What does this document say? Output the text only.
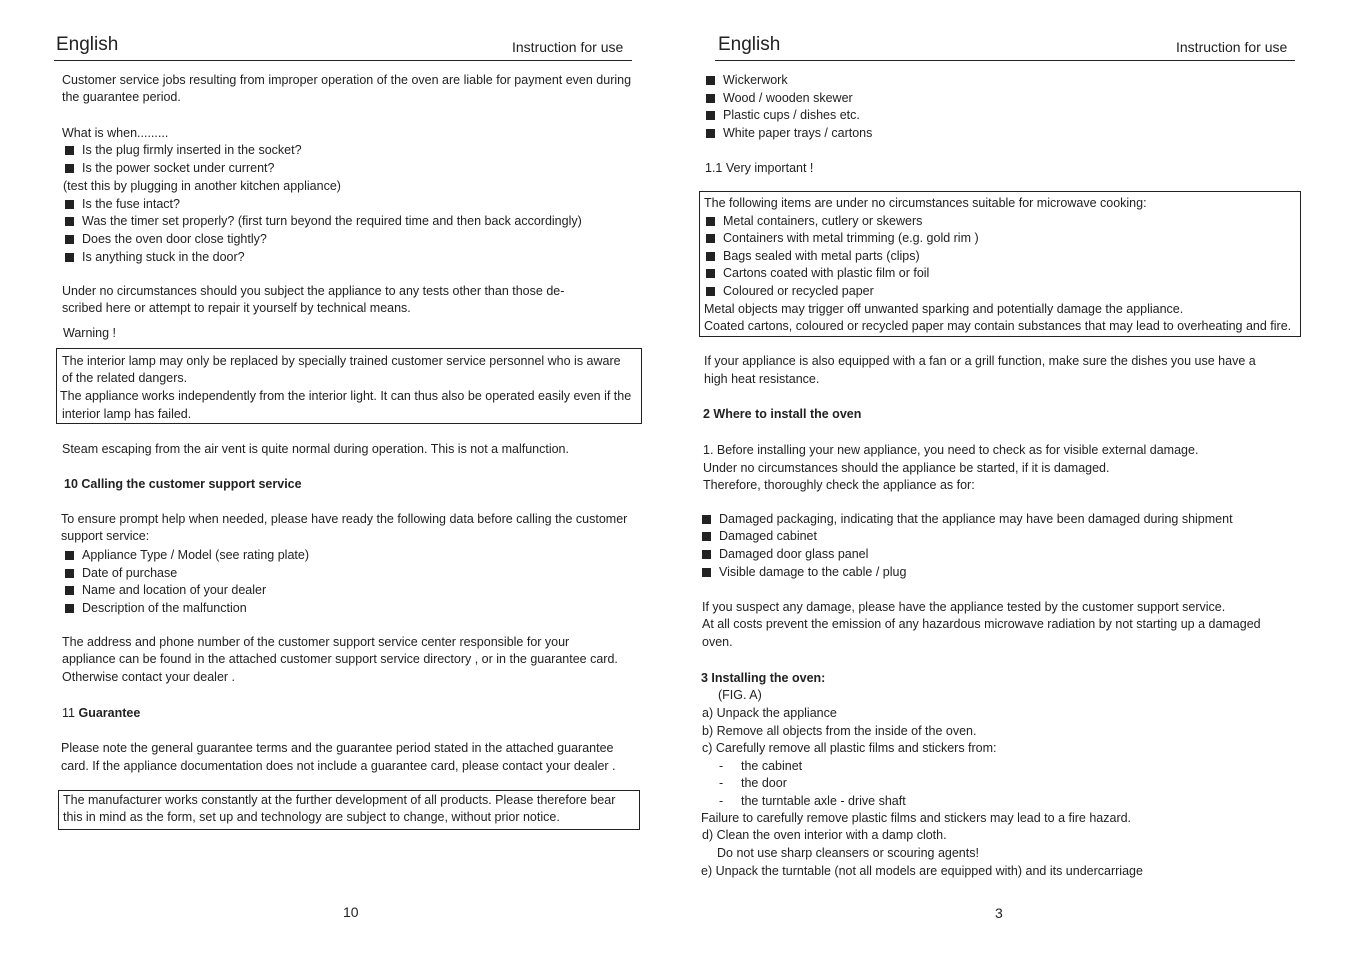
English	Instruction for use
Customer service jobs resulting from improper operation of the oven are liable for payment even during
the guarantee period.
What is when.........
Is the plug firmly inserted in the socket?
Is the power socket under current?
(test this by plugging in another kitchen appliance)
Is the fuse intact?
Was the timer set properly? (first turn beyond the required time and then back accordingly)
Does the oven door close tightly?
Is anything stuck in the door?
Under no circumstances should you subject the appliance to any tests other than those de-
scribed here or attempt to repair it yourself by technical means.
Warning !
The interior lamp may only be replaced by specially trained customer service personnel who is aware
of the related dangers.
The appliance works independently from the interior light. It can thus also be operated easily even if the
interior lamp has failed.
Steam escaping from the air vent is quite normal during operation. This is not a malfunction.
10 Calling the customer support service
To ensure prompt help when needed, please have ready the following data before calling the customer
support service:
Appliance Type / Model (see rating plate)
Date of purchase
Name and location of your dealer
Description of the malfunction
The address and phone number of the customer support service center responsible for your
appliance can be found in the attached customer support service directory , or in the guarantee card.
Otherwise contact your dealer .
11 Guarantee
Please note the general guarantee terms and the guarantee period stated in the attached guarantee
card. If the appliance documentation does not include a guarantee card, please contact your dealer .
The manufacturer works constantly at the further development of all products. Please therefore bear
this in mind as the form, set up and technology are subject to change, without prior notice.
10
English	Instruction for use
Wickerwork
Wood / wooden skewer
Plastic cups / dishes etc.
White paper trays / cartons
1.1 Very important !
The following items are under no circumstances suitable for microwave cooking:
Metal containers, cutlery or skewers
Containers with metal trimming (e.g. gold rim )
Bags sealed with metal parts (clips)
Cartons coated with plastic film or foil
Coloured or recycled paper
Metal objects may trigger off unwanted sparking and potentially damage the appliance.
Coated cartons, coloured or recycled paper may contain substances that may lead to overheating and fire.
If your appliance is also equipped with a fan or a grill function, make sure the dishes you use have a
high heat resistance.
2 Where to install the oven
1. Before installing your new appliance, you need to check as for visible external damage.
Under no circumstances should the appliance be started, if it is damaged.
Therefore, thoroughly check the appliance as for:
Damaged packaging, indicating that the appliance may have been damaged during shipment
Damaged cabinet
Damaged door glass panel
Visible damage to the cable / plug
If you suspect any damage, please have the appliance tested by the customer support service.
At all costs prevent the emission of any hazardous microwave radiation by not starting up a damaged
oven.
3 Installing the oven:
(FIG. A)
a) Unpack the appliance
b) Remove all objects from the inside of the oven.
c) Carefully remove all plastic films and stickers from:
- the cabinet
- the door
- the turntable axle - drive shaft
Failure to carefully remove plastic films and stickers may lead to a fire hazard.
d) Clean the oven interior with a damp cloth.
Do not use sharp cleansers or scouring agents!
e) Unpack the turntable (not all models are equipped with) and its undercarriage
3
